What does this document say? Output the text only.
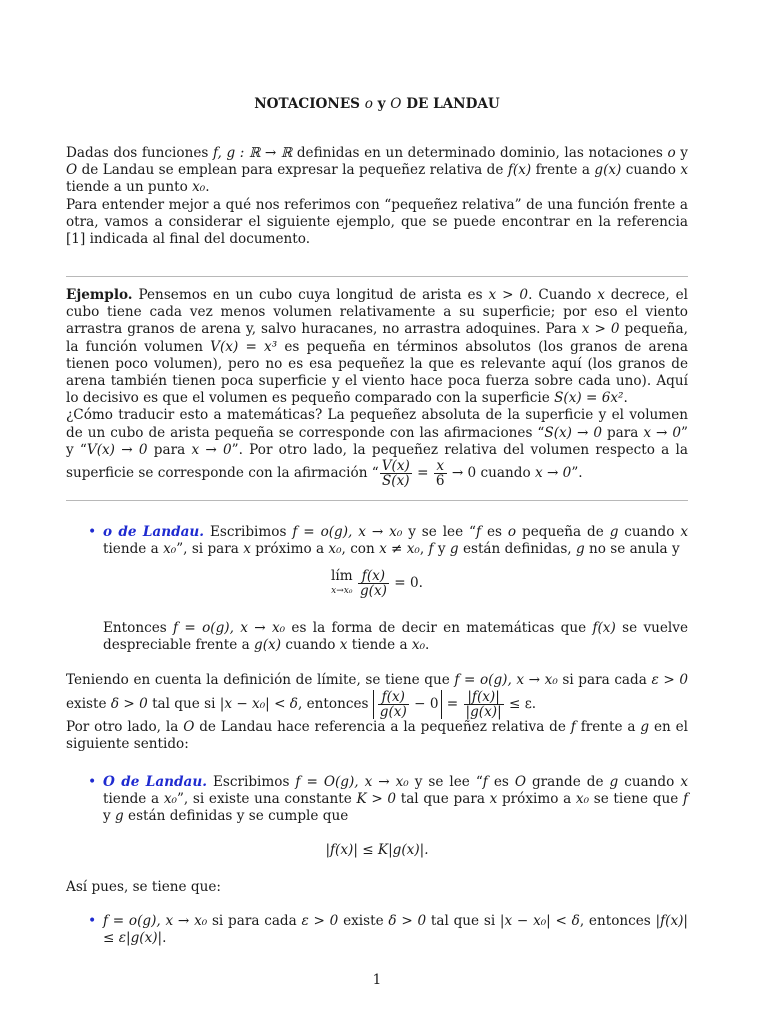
NOTACIONES o y O DE LANDAU

Dadas dos funciones f, g : ℝ → ℝ definidas en un determinado dominio, las notaciones o y O de Landau se emplean para expresar la pequeñez relativa de f(x) frente a g(x) cuando x tiende a un punto x₀.

Para entender mejor a qué nos referimos con “pequeñez relativa” de una función frente a otra, vamos a considerar el siguiente ejemplo, que se puede encontrar en la referencia [1] indicada al final del documento.

Ejemplo. Pensemos en un cubo cuya longitud de arista es x > 0. Cuando x decrece, el cubo tiene cada vez menos volumen relativamente a su superficie; por eso el viento arrastra granos de arena y, salvo huracanes, no arrastra adoquines. Para x > 0 pequeña, la función volumen V(x) = x³ es pequeña en términos absolutos (los granos de arena tienen poco volumen), pero no es esa pequeñez la que es relevante aquí (los granos de arena también tienen poca superficie y el viento hace poca fuerza sobre cada uno). Aquí lo decisivo es que el volumen es pequeño comparado con la superficie S(x) = 6x².

¿Cómo traducir esto a matemáticas? La pequeñez absoluta de la superficie y el volumen de un cubo de arista pequeña se corresponde con las afirmaciones “S(x) → 0 para x → 0” y “V(x) → 0 para x → 0”. Por otro lado, la pequeñez relativa del volumen respecto a la superficie se corresponde con la afirmación “ $\frac{V(x)}{S(x)} = \frac{x}{6} \to 0$ cuando x → 0”.

• o de Landau. Escribimos f = o(g), x → x₀ y se lee “f es o pequeña de g cuando x tiende a x₀”, si para x próximo a x₀, con x ≠ x₀, f y g están definidas, g no se anula y

lím
$x\to x_0 \frac{f(x)}{g(x)} = 0$.

Entonces f = o(g), x → x₀ es la forma de decir en matemáticas que f(x) se vuelve despreciable frente a g(x) cuando x tiende a x₀.

Teniendo en cuenta la definición de límite, se tiene que f = o(g), x → x₀ si para cada ε > 0 existe δ > 0 tal que si |x − x₀| < δ, entonces $\frac{f(x)}{g(x)} - 0 = \frac{|f(x)|}{|g(x)|} \le \varepsilon$.

Por otro lado, la O de Landau hace referencia a la pequeñez relativa de f frente a g en el siguiente sentido:

• O de Landau. Escribimos f = O(g), x → x₀ y se lee “f es O grande de g cuando x tiende a x₀”, si existe una constante K > 0 tal que para x próximo a x₀ se tiene que f y g están definidas y se cumple que

|f(x)| ≤ K|g(x)|.

Así pues, se tiene que:

• f = o(g), x → x₀ si para cada ε > 0 existe δ > 0 tal que si |x − x₀| < δ, entonces |f(x)| ≤ ε|g(x)|.

1
